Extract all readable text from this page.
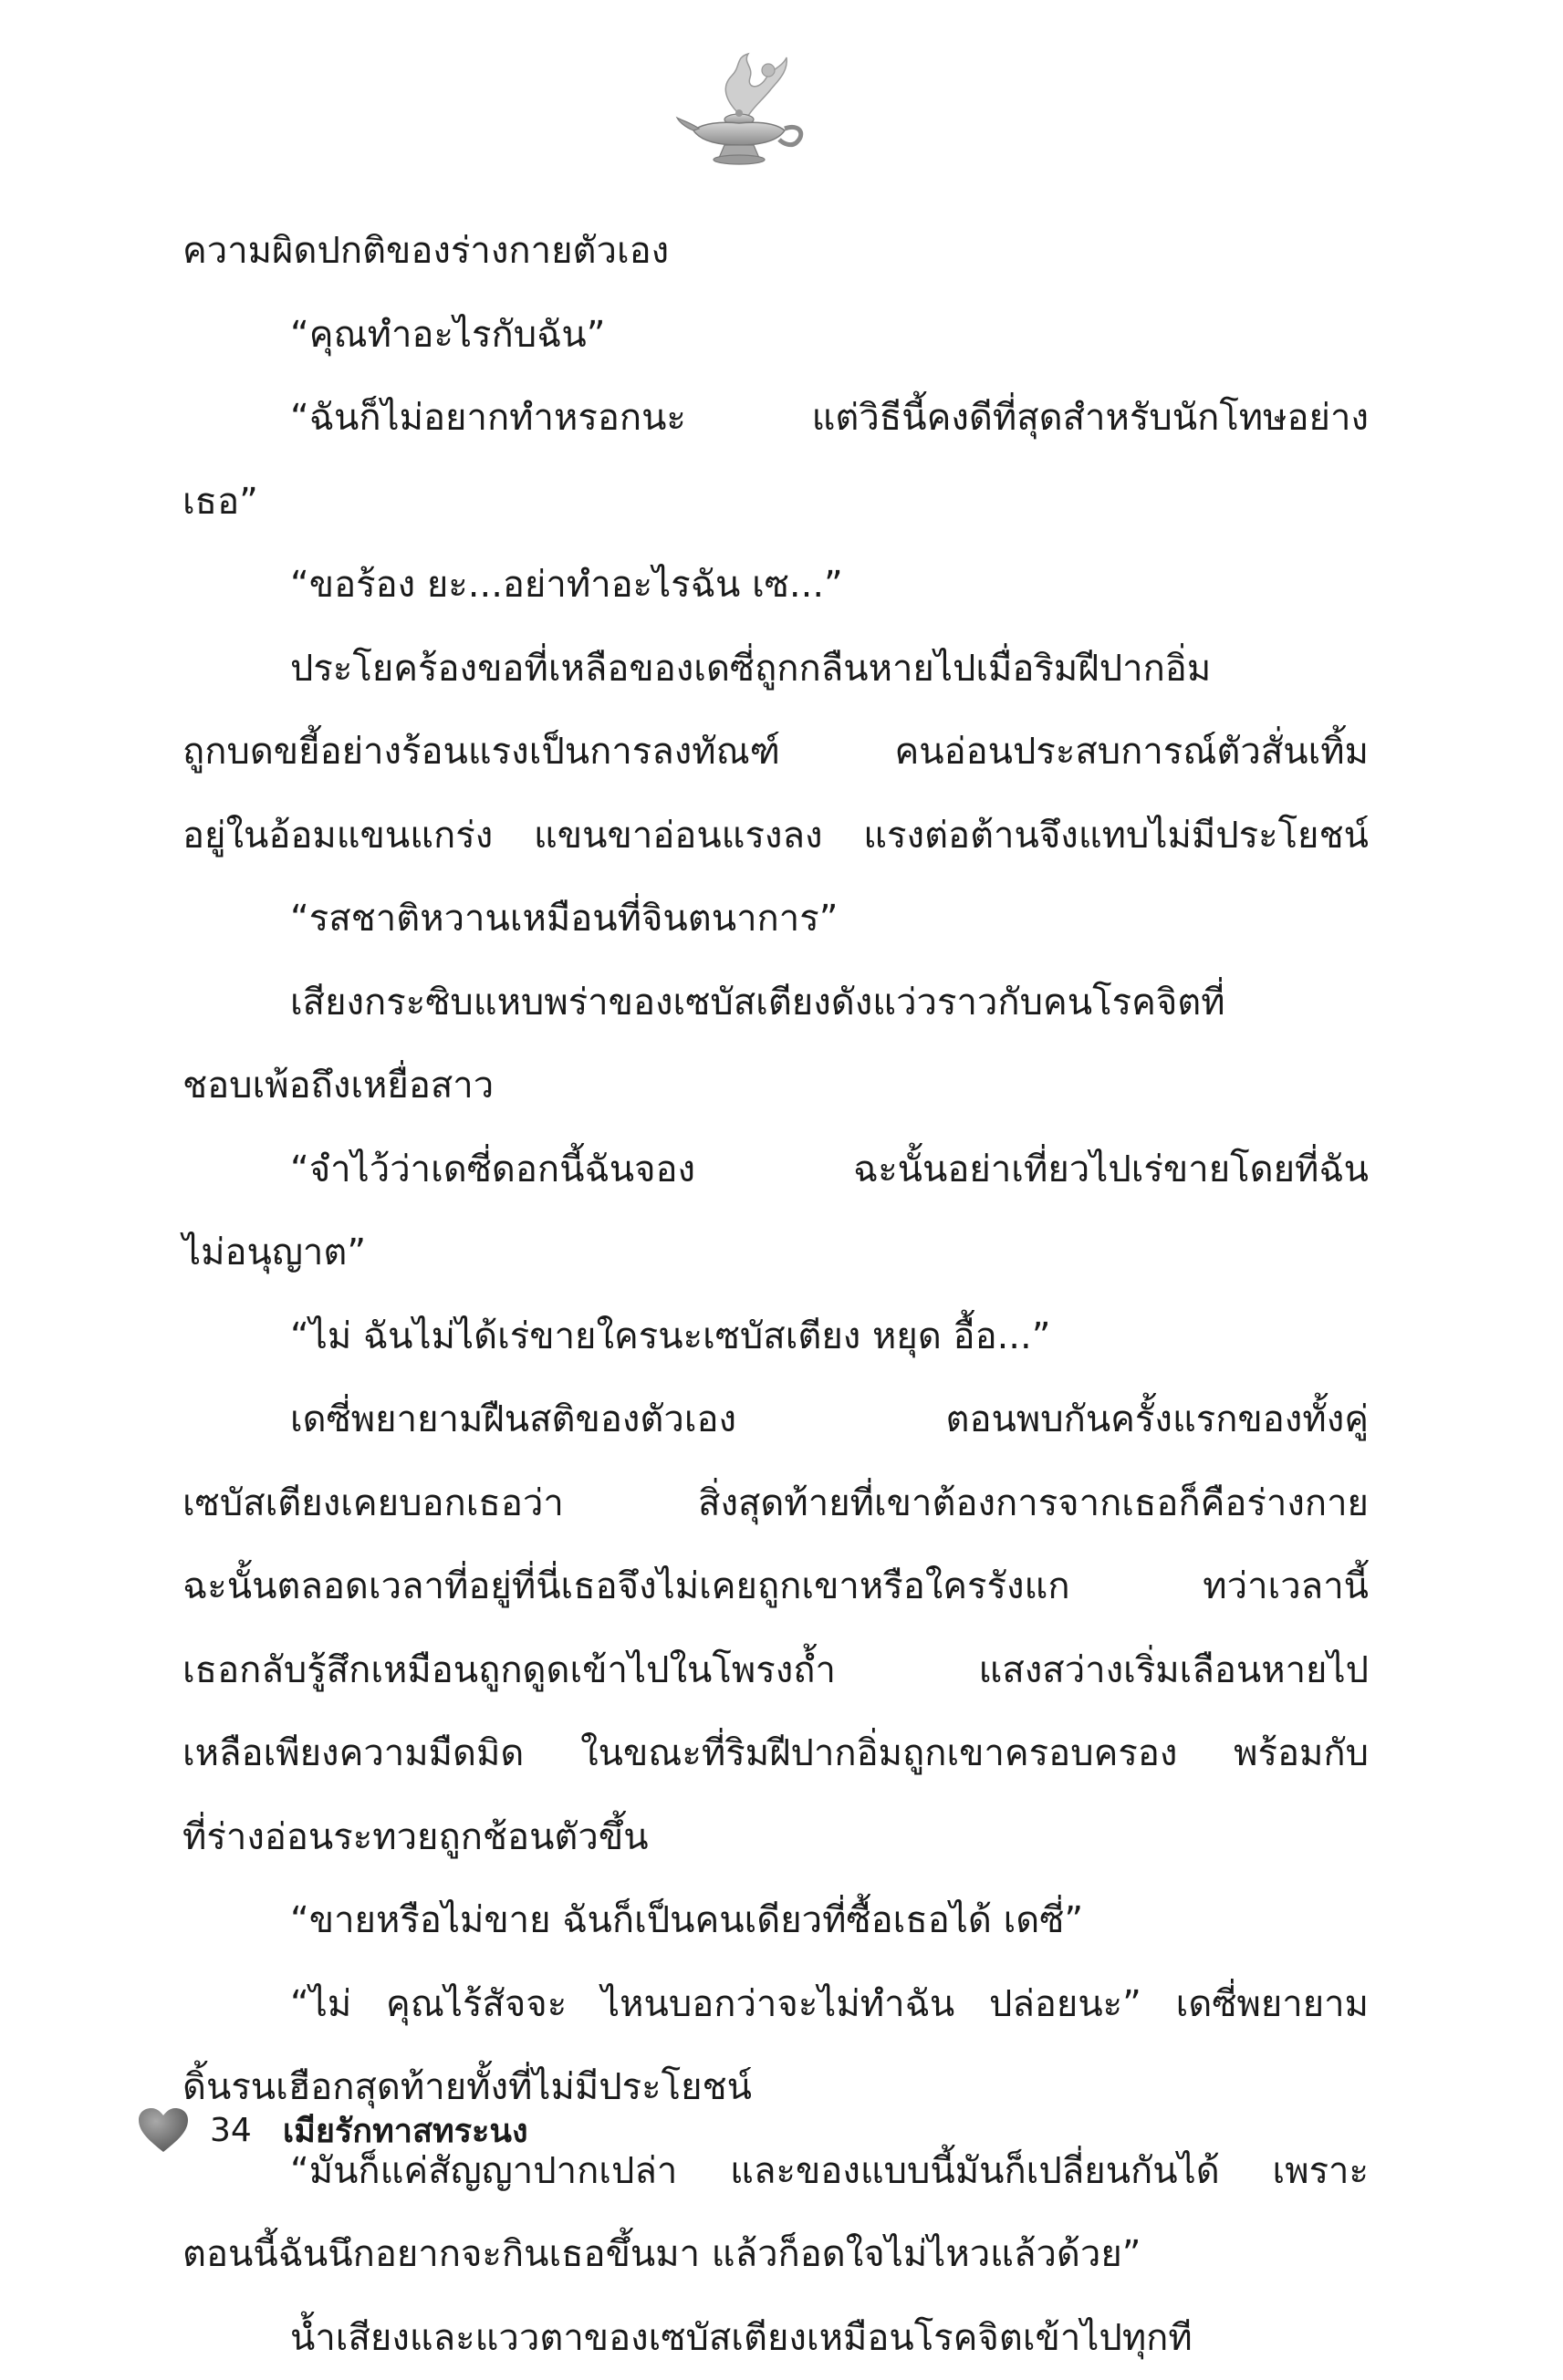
ความผิดปกติของร่างกายตัวเอง
“คุณทำอะไรกับฉัน”
“ฉันก็ไม่อยากทำหรอกนะ แต่วิธีนี้คงดีที่สุดสำหรับนักโทษอย่าง
เธอ”
“ขอร้อง ยะ...อย่าทำอะไรฉัน เซ...”
ประโยคร้องขอที่เหลือของเดซี่ถูกกลืนหายไปเมื่อริมฝีปากอิ่ม
ถูกบดขยี้อย่างร้อนแรงเป็นการลงทัณฑ์ คนอ่อนประสบการณ์ตัวสั่นเทิ้ม
อยู่ในอ้อมแขนแกร่ง แขนขาอ่อนแรงลง แรงต่อต้านจึงแทบไม่มีประโยชน์
“รสชาติหวานเหมือนที่จินตนาการ”
เสียงกระซิบแหบพร่าของเซบัสเตียงดังแว่วราวกับคนโรคจิตที่
ชอบเพ้อถึงเหยื่อสาว
“จำไว้ว่าเดซี่ดอกนี้ฉันจอง ฉะนั้นอย่าเที่ยวไปเร่ขายโดยที่ฉัน
ไม่อนุญาต”
“ไม่ ฉันไม่ได้เร่ขายใครนะเซบัสเตียง หยุด อื้อ...”
เดซี่พยายามฝืนสติของตัวเอง ตอนพบกันครั้งแรกของทั้งคู่
เซบัสเตียงเคยบอกเธอว่า สิ่งสุดท้ายที่เขาต้องการจากเธอก็คือร่างกาย
ฉะนั้นตลอดเวลาที่อยู่ที่นี่เธอจึงไม่เคยถูกเขาหรือใครรังแก ทว่าเวลานี้
เธอกลับรู้สึกเหมือนถูกดูดเข้าไปในโพรงถ้ำ แสงสว่างเริ่มเลือนหายไป
เหลือเพียงความมืดมิด ในขณะที่ริมฝีปากอิ่มถูกเขาครอบครอง พร้อมกับ
ที่ร่างอ่อนระทวยถูกช้อนตัวขึ้น
“ขายหรือไม่ขาย ฉันก็เป็นคนเดียวที่ซื้อเธอได้ เดซี่”
“ไม่ คุณไร้สัจจะ ไหนบอกว่าจะไม่ทำฉัน ปล่อยนะ” เดซี่พยายาม
ดิ้นรนเฮือกสุดท้ายทั้งที่ไม่มีประโยชน์
“มันก็แค่สัญญาปากเปล่า และของแบบนี้มันก็เปลี่ยนกันได้ เพราะ
ตอนนี้ฉันนึกอยากจะกินเธอขึ้นมา แล้วก็อดใจไม่ไหวแล้วด้วย”
น้ำเสียงและแววตาของเซบัสเตียงเหมือนโรคจิตเข้าไปทุกที
34 เมียรักทาสทระนง
